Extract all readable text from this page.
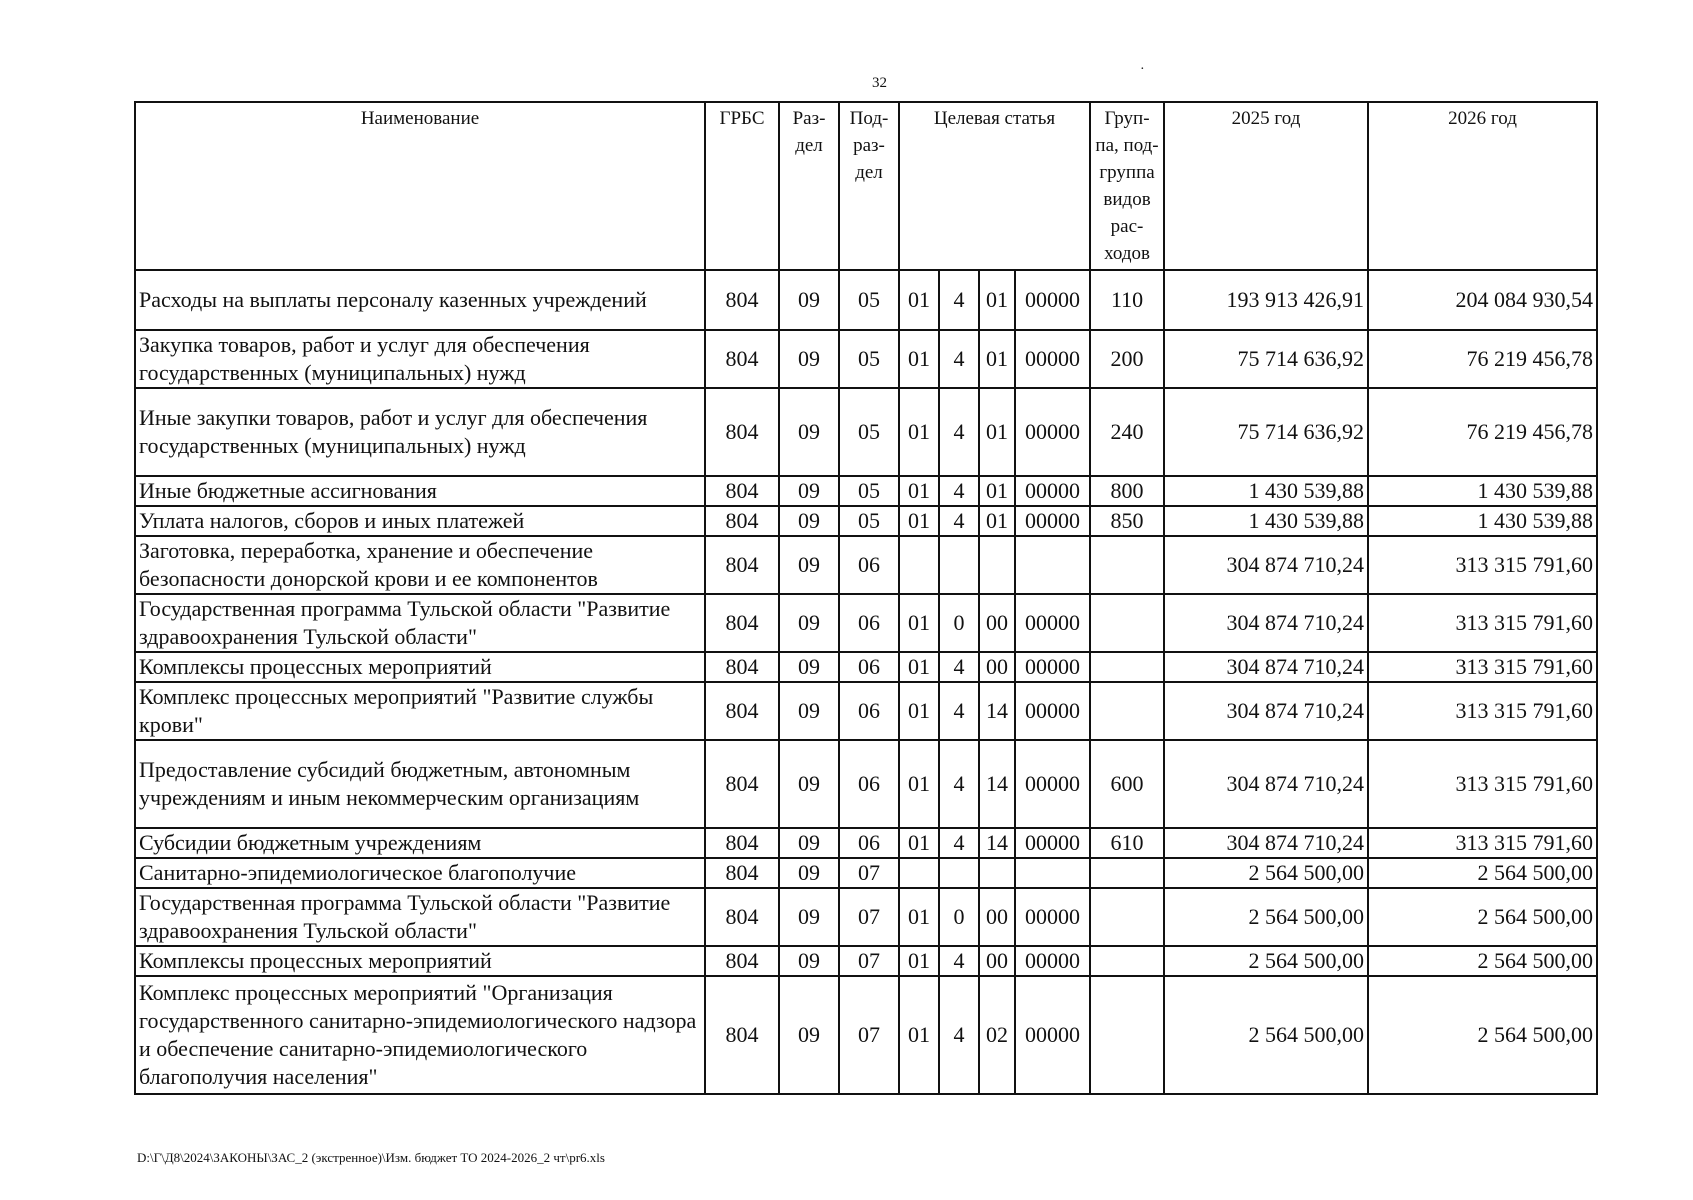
32
·
Наименование	ГРБС	Раз- дел	Под- раз- дел	Целевая статья				Груп- па, под- группа видов рас- ходов	2025 год	2026 год
Расходы на выплаты персоналу казенных учреждений	804	09	05	01	4	01	00000	110	193 913 426,91	204 084 930,54
Закупка товаров, работ и услуг для обеспечения государственных (муниципальных) нужд	804	09	05	01	4	01	00000	200	75 714 636,92	76 219 456,78
Иные закупки товаров, работ и услуг для обеспечения государственных (муниципальных) нужд	804	09	05	01	4	01	00000	240	75 714 636,92	76 219 456,78
Иные бюджетные ассигнования	804	09	05	01	4	01	00000	800	1 430 539,88	1 430 539,88
Уплата налогов, сборов и иных платежей	804	09	05	01	4	01	00000	850	1 430 539,88	1 430 539,88
Заготовка, переработка, хранение и обеспечение безопасности донорской крови и ее компонентов	804	09	06						304 874 710,24	313 315 791,60
Государственная программа Тульской области "Развитие здравоохранения Тульской области"	804	09	06	01	0	00	00000		304 874 710,24	313 315 791,60
Комплексы процессных мероприятий	804	09	06	01	4	00	00000		304 874 710,24	313 315 791,60
Комплекс процессных мероприятий "Развитие службы крови"	804	09	06	01	4	14	00000		304 874 710,24	313 315 791,60
Предоставление субсидий бюджетным, автономным учреждениям и иным некоммерческим организациям	804	09	06	01	4	14	00000	600	304 874 710,24	313 315 791,60
Субсидии бюджетным учреждениям	804	09	06	01	4	14	00000	610	304 874 710,24	313 315 791,60
Санитарно-эпидемиологическое благополучие	804	09	07						2 564 500,00	2 564 500,00
Государственная программа Тульской области "Развитие здравоохранения Тульской области"	804	09	07	01	0	00	00000		2 564 500,00	2 564 500,00
Комплексы процессных мероприятий	804	09	07	01	4	00	00000		2 564 500,00	2 564 500,00
Комплекс процессных мероприятий "Организация государственного санитарно-эпидемиологического надзора и обеспечение санитарно-эпидемиологического благополучия населения"	804	09	07	01	4	02	00000		2 564 500,00	2 564 500,00
D:\Г\Д8\2024\ЗАКОНЫ\ЗАС_2 (экстренное)\Изм. бюджет ТО 2024-2026_2 чт\pr6.xls
